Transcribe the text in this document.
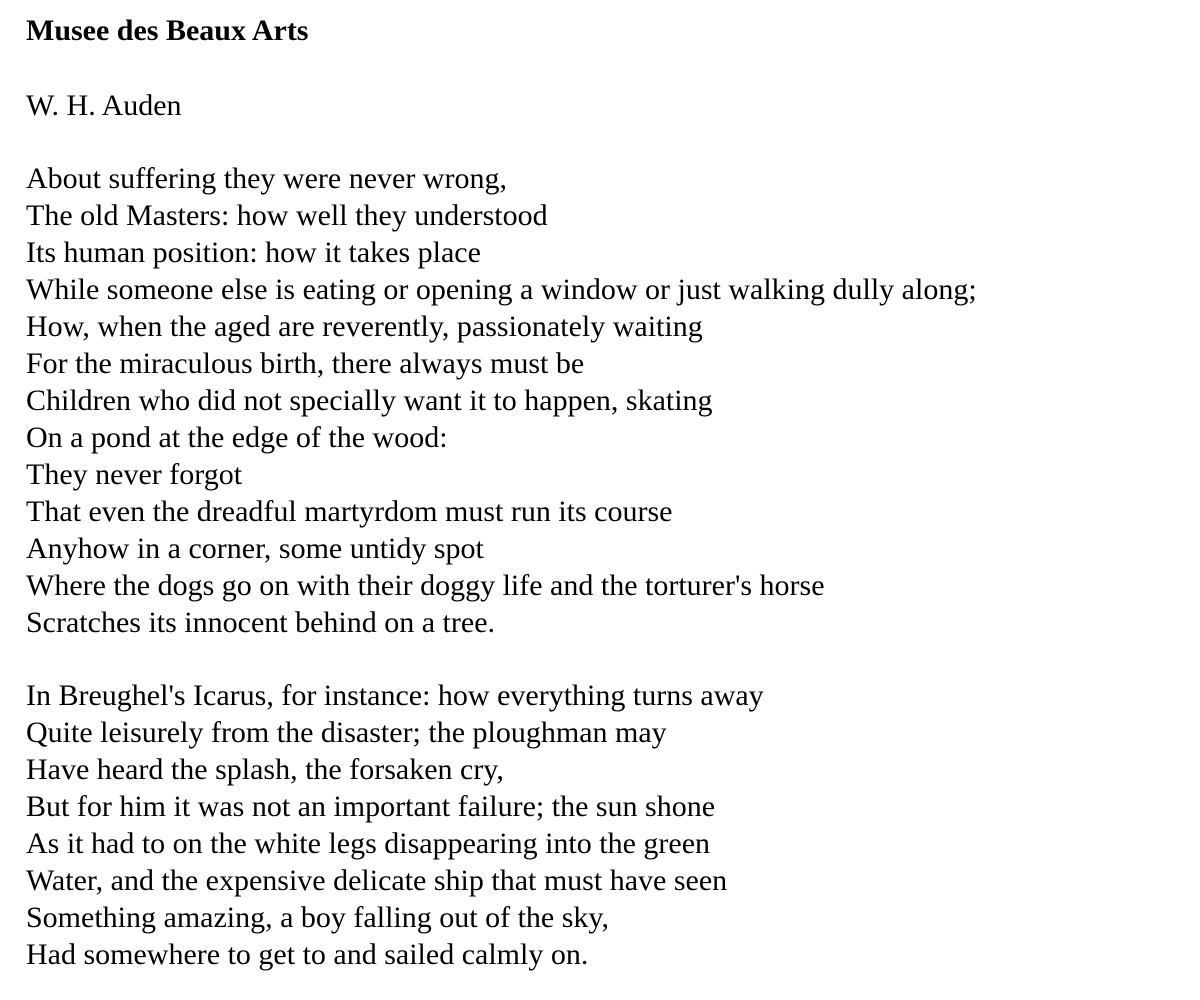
Musee des Beaux Arts

W. H. Auden

About suffering they were never wrong,
The old Masters: how well they understood
Its human position: how it takes place
While someone else is eating or opening a window or just walking dully along;
How, when the aged are reverently, passionately waiting
For the miraculous birth, there always must be
Children who did not specially want it to happen, skating
On a pond at the edge of the wood:
They never forgot
That even the dreadful martyrdom must run its course
Anyhow in a corner, some untidy spot
Where the dogs go on with their doggy life and the torturer's horse
Scratches its innocent behind on a tree.
In Breughel's Icarus, for instance: how everything turns away
Quite leisurely from the disaster; the ploughman may
Have heard the splash, the forsaken cry,
But for him it was not an important failure; the sun shone
As it had to on the white legs disappearing into the green
Water, and the expensive delicate ship that must have seen
Something amazing, a boy falling out of the sky,
Had somewhere to get to and sailed calmly on.
